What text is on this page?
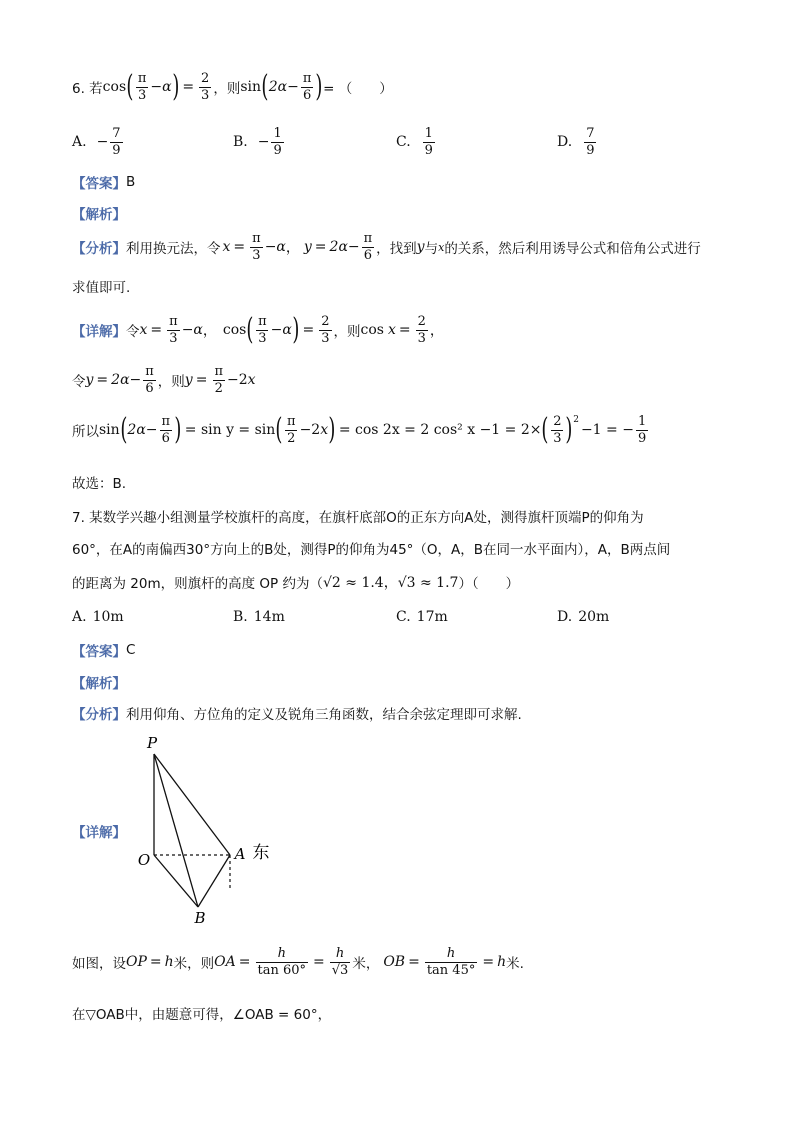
6. 若 cos ( $\frac{\pi}{3} -\alpha$ ) = $\frac{2}{3}$ ，则 sin ( $2\alpha- \frac{\pi}{6}$ ) = （　　）
A. − $\frac{7}{9}$	B. − $\frac{1}{9}$	C. $\frac{1}{9}$	D. $\frac{7}{9}$
【答案】 B
【解析】
【分析】 利用换元法，令 $x = \frac{\pi}{3} -\alpha$ ， $y = 2\alpha- \frac{\pi}{6}$ ，找到 y 与 x 的关系，然后利用诱导公式和倍角公式进行
求值即可.
【详解】 令 $x = \frac{\pi}{3} -\alpha$ ， cos ( $\frac{\pi}{3} -\alpha$ ) = $\frac{2}{3}$ ，则 $\cos x = \frac{2}{3}$ ，
令 $y = 2\alpha- \frac{\pi}{6}$ ，则 $y = \frac{\pi}{2} - 2$ x
所以 sin ( $2\alpha- \frac{\pi}{6}$ ) = sin y = sin ( $\frac{\pi}{2} -2$ x ) = cos 2x = 2 cos² x −1 = 2× ( $\frac{2}{3} )^2$
−1 = − $\frac{1}{9}$
故选：B.
7. 某数学兴趣小组测量学校旗杆的高度，在旗杆底部O的正东方向A处，测得旗杆顶端P的仰角为
60°，在A的南偏西30°方向上的B处，测得P的仰角为45°（O，A，B在同一水平面内），A，B两点间
的距离为 20m，则旗杆的高度 OP 约为（ √2 ≈ 1.4，√3 ≈ 1.7 ）（　　）
A. 10m	B. 14m	C. 17m	D. 20m
【答案】 C
【解析】
【分析】 利用仰角、方位角的定义及锐角三角函数，结合余弦定理即可求解.
【详解】
P
O	A 东
B
如图，设 OP = h 米，则 OA = $\frac{h}{\tan 60^\circ} = \frac{h}{√3}$ 米， OB = $\frac{h}{\tan 45^\circ} = h$ 米.
在▽OAB中，由题意可得，∠OAB = 60°，
